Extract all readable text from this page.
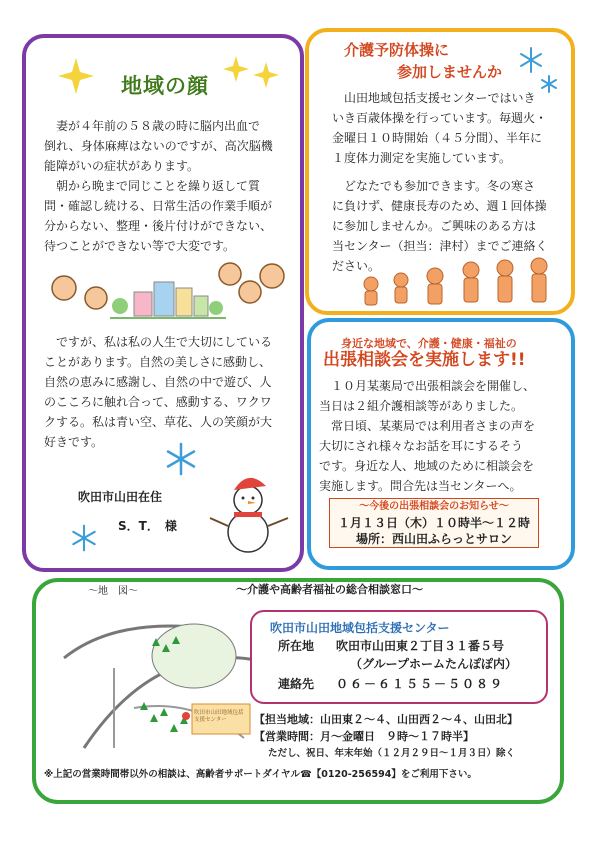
地域の顔
　妻が４年前の５８歳の時に脳内出血で
倒れ、身体麻痺はないのですが、高次脳機
能障がいの症状があります。
　朝から晩まで同じことを繰り返して質
問・確認し続ける、日常生活の作業手順が
分からない、整理・後片付けができない、
待つことができない等で大変です。
　ですが、私は私の人生で大切にしている
ことがあります。自然の美しさに感動し、
自然の恵みに感謝し、自然の中で遊び、人
のこころに触れ合って、感動する、ワクワ
クする。私は青い空、草花、人の笑顔が大
好きです。
吹田市山田在住
S．T．　様
介護予防体操に
参加しませんか
　山田地域包括支援センターではいき
いき百歳体操を行っています。毎週火・
金曜日１０時開始（４５分間）、半年に
１度体力測定を実施しています。
　どなたでも参加できます。冬の寒さ
に負けず、健康長寿のため、週１回体操
に参加しませんか。ご興味のある方は
当センター（担当：津村）までご連絡く
ださい。
身近な地域で、介護・健康・福祉の
出張相談会を実施します!!
　１０月某薬局で出張相談会を開催し、
当日は２組介護相談等がありました。
　常日頃、某薬局では利用者さまの声を
大切にされ様々なお話を耳にするそう
です。身近な人、地域のために相談会を
実施します。問合先は当センターへ。
～今後の出張相談会のお知らせ～
１月１３日（木）１０時半～１２時
場所：西山田ふらっとサロン
～地　図～	～介護や高齢者福祉の総合相談窓口～
吹田市山田地域包括支援センター
吹田市山田地域包括支援センター
所在地 吹田市山田東２丁目３１番５号
（グループホームたんぽぽ内）
連絡先 ０６－６１５５－５０８９
【担当地域：山田東２～４、山田西２～４、山田北】
【営業時間：月～金曜日　９時～１７時半】
ただし、祝日、年末年始（１２月２９日～１月３日）除く
※上記の営業時間帯以外の相談は、高齢者サポートダイヤル☎【0120-256594】をご利用下さい。
